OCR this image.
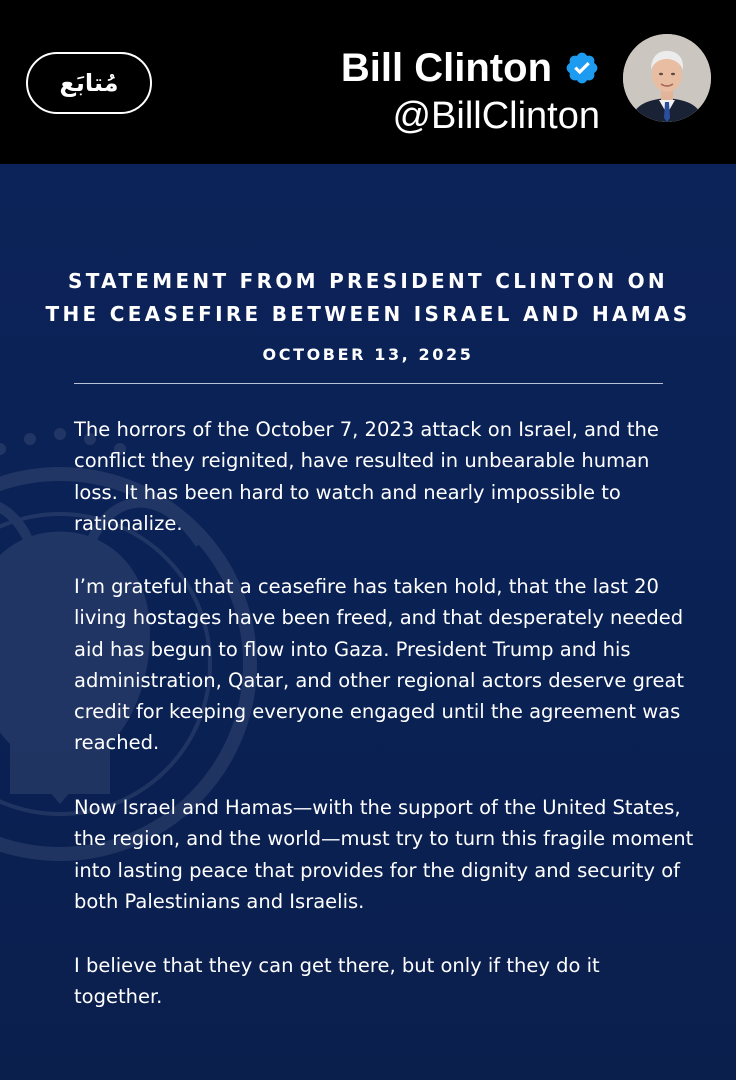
مُتابَع	Bill Clinton
@BillClinton

STATEMENT FROM PRESIDENT CLINTON ON
THE CEASEFIRE BETWEEN ISRAEL AND HAMAS

OCTOBER 13, 2025

The horrors of the October 7, 2023 attack on Israel, and the conflict they reignited, have resulted in unbearable human loss. It has been hard to watch and nearly impossible to rationalize.

I’m grateful that a ceasefire has taken hold, that the last 20 living hostages have been freed, and that desperately needed aid has begun to flow into Gaza. President Trump and his administration, Qatar, and other regional actors deserve great credit for keeping everyone engaged until the agreement was reached.

Now Israel and Hamas—with the support of the United States, the region, and the world—must try to turn this fragile moment into lasting peace that provides for the dignity and security of both Palestinians and Israelis.

I believe that they can get there, but only if they do it together.
